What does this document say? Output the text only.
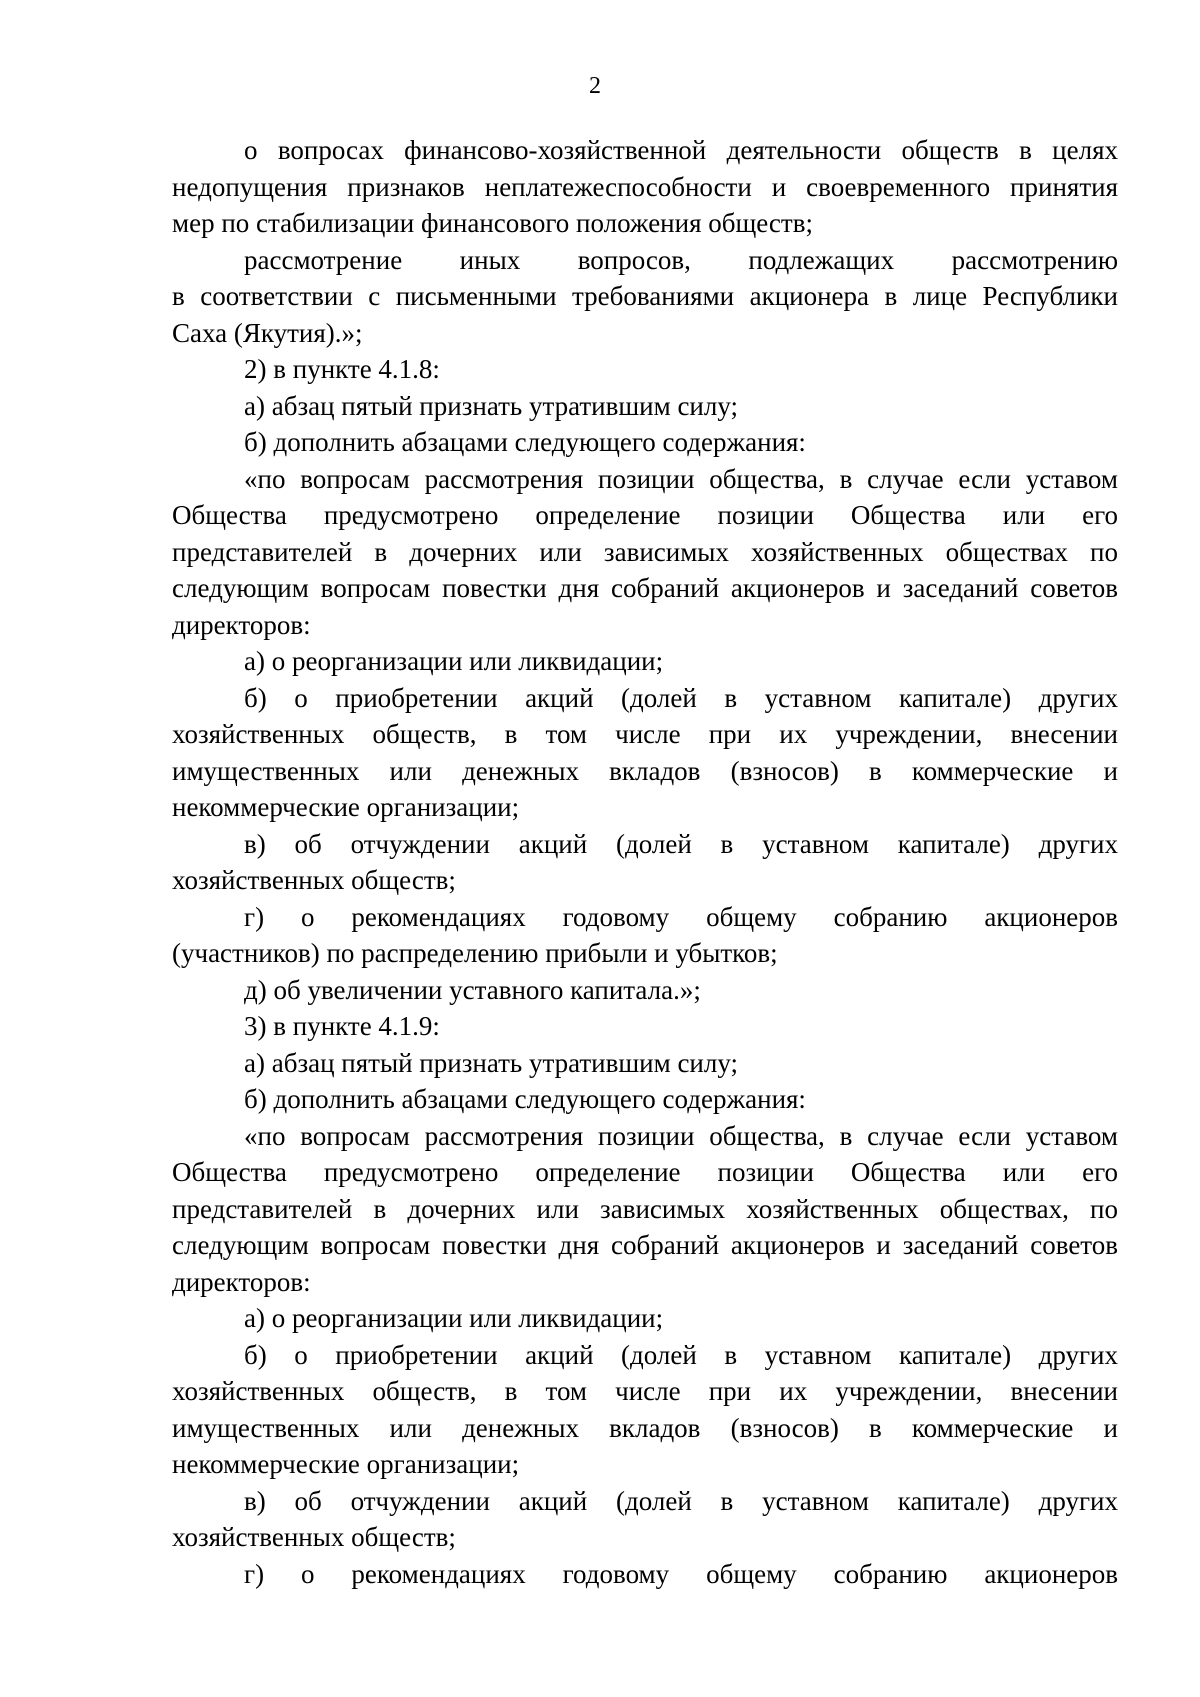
2
о вопросах финансово-хозяйственной деятельности обществ в целях
недопущения признаков неплатежеспособности и своевременного принятия
мер по стабилизации финансового положения обществ;
рассмотрение иных вопросов, подлежащих рассмотрению
в соответствии с письменными требованиями акционера в лице Республики
Саха (Якутия).»;
2) в пункте 4.1.8:
а) абзац пятый признать утратившим силу;
б) дополнить абзацами следующего содержания:
«по вопросам рассмотрения позиции общества, в случае если уставом
Общества предусмотрено определение позиции Общества или его
представителей в дочерних или зависимых хозяйственных обществах по
следующим вопросам повестки дня собраний акционеров и заседаний советов
директоров:
а) о реорганизации или ликвидации;
б) о приобретении акций (долей в уставном капитале) других
хозяйственных обществ, в том числе при их учреждении, внесении
имущественных или денежных вкладов (взносов) в коммерческие и
некоммерческие организации;
в) об отчуждении акций (долей в уставном капитале) других
хозяйственных обществ;
г) о рекомендациях годовому общему собранию акционеров
(участников) по распределению прибыли и убытков;
д) об увеличении уставного капитала.»;
3) в пункте 4.1.9:
а) абзац пятый признать утратившим силу;
б) дополнить абзацами следующего содержания:
«по вопросам рассмотрения позиции общества, в случае если уставом
Общества предусмотрено определение позиции Общества или его
представителей в дочерних или зависимых хозяйственных обществах, по
следующим вопросам повестки дня собраний акционеров и заседаний советов
директоров:
а) о реорганизации или ликвидации;
б) о приобретении акций (долей в уставном капитале) других
хозяйственных обществ, в том числе при их учреждении, внесении
имущественных или денежных вкладов (взносов) в коммерческие и
некоммерческие организации;
в) об отчуждении акций (долей в уставном капитале) других
хозяйственных обществ;
г) о рекомендациях годовому общему собранию акционеров
